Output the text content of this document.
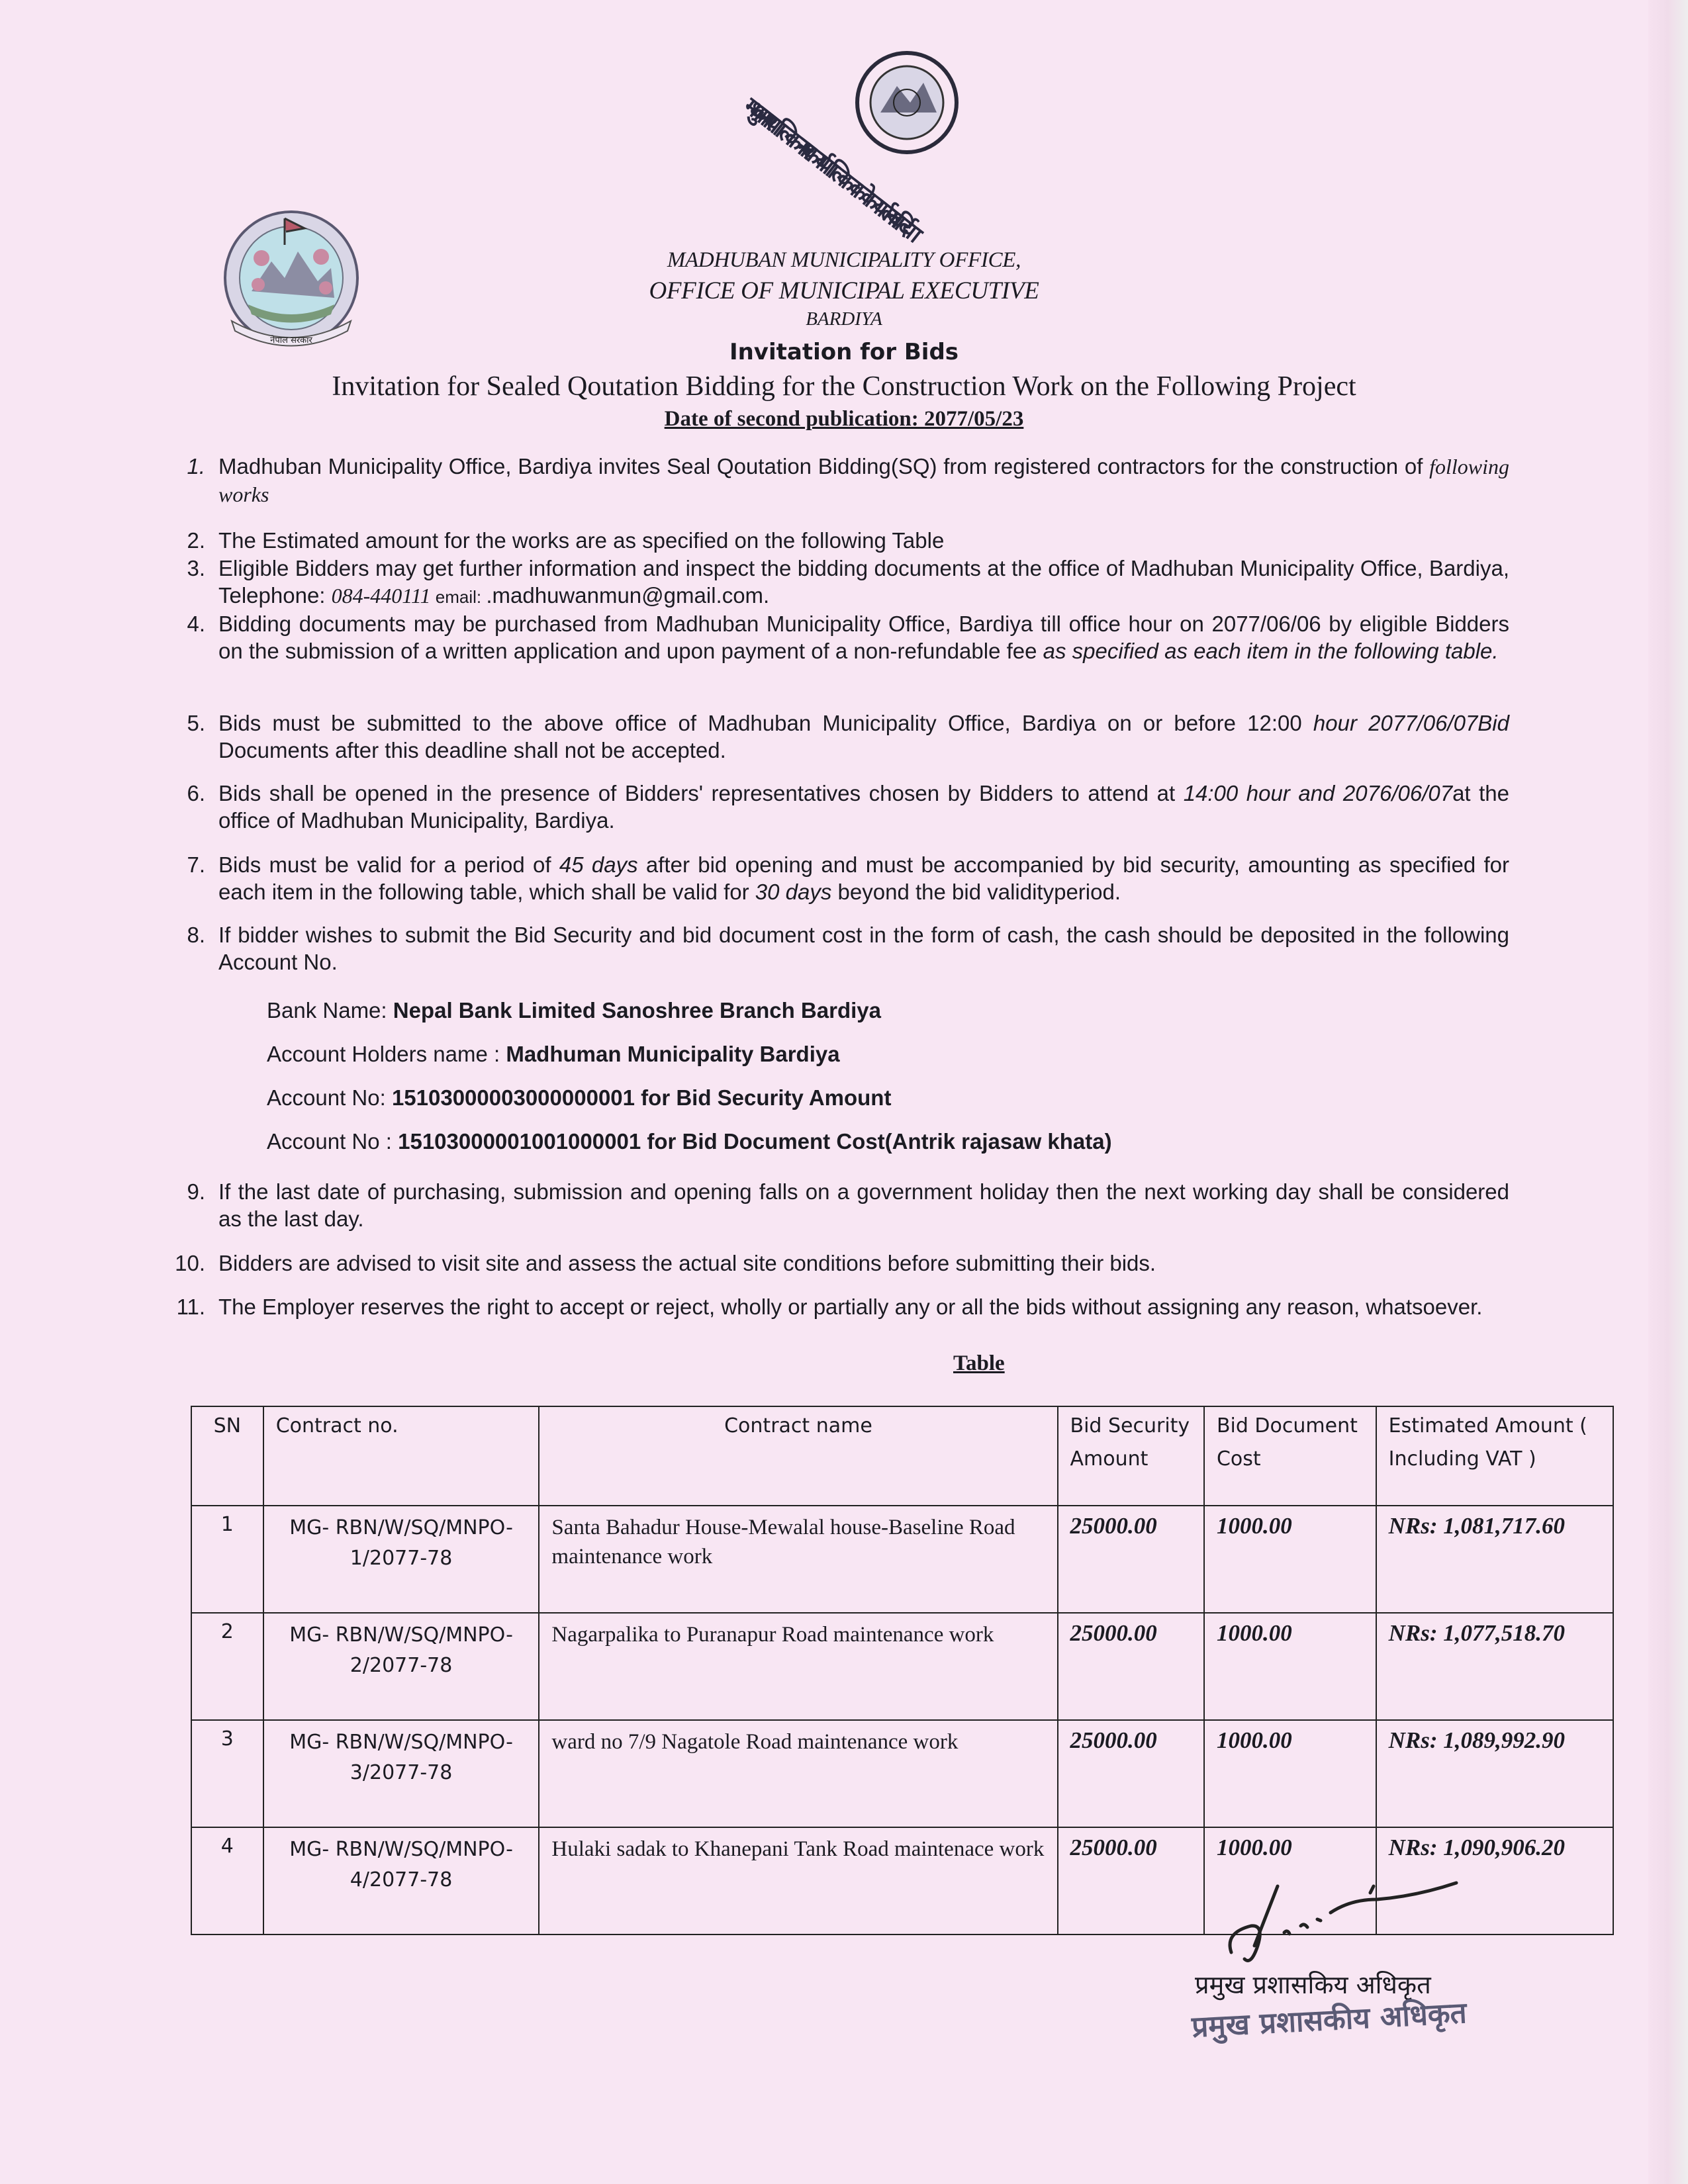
नेपाल सरकार
मधुवन नगरपालिका नगर कार्यपालिकाको कार्यालय बर्दिया
MADHUBAN MUNICIPALITY OFFICE,
OFFICE OF MUNICIPAL EXECUTIVE
BARDIYA
Invitation for Bids
Invitation for Sealed Qoutation Bidding for the Construction Work on the Following Project
Date of second publication: 2077/05/23
1. Madhuban Municipality Office, Bardiya invites Seal Qoutation Bidding(SQ) from registered contractors for the construction of following works
2. The Estimated amount for the works are as specified on the following Table
3. Eligible Bidders may get further information and inspect the bidding documents at the office of Madhuban Municipality Office, Bardiya, Telephone: 084-440111 email: .madhuwanmun@gmail.com.
4. Bidding documents may be purchased from Madhuban Municipality Office, Bardiya till office hour on 2077/06/06 by eligible Bidders on the submission of a written application and upon payment of a non-refundable fee as specified as each item in the following table.
5. Bids must be submitted to the above office of Madhuban Municipality Office, Bardiya on or before 12:00 hour 2077/06/07Bid Documents after this deadline shall not be accepted.
6. Bids shall be opened in the presence of Bidders' representatives chosen by Bidders to attend at 14:00 hour and 2076/06/07at the office of Madhuban Municipality, Bardiya.
7. Bids must be valid for a period of 45 days after bid opening and must be accompanied by bid security, amounting as specified for each item in the following table, which shall be valid for 30 days beyond the bid validityperiod.
8. If bidder wishes to submit the Bid Security and bid document cost in the form of cash, the cash should be deposited in the following Account No.
Bank Name: Nepal Bank Limited Sanoshree Branch Bardiya
Account Holders name : Madhuman Municipality Bardiya
Account No: 15103000003000000001 for Bid Security Amount
Account No : 15103000001001000001 for Bid Document Cost(Antrik rajasaw khata)
9. If the last date of purchasing, submission and opening falls on a government holiday then the next working day shall be considered as the last day.
10. Bidders are advised to visit site and assess the actual site conditions before submitting their bids.
11. The Employer reserves the right to accept or reject, wholly or partially any or all the bids without assigning any reason, whatsoever.
Table
SN	Contract no.	Contract name	Bid Security Amount	Bid Document Cost	Estimated Amount ( Including VAT )
1	MG- RBN/W/SQ/MNPO-1/2077-78	Santa Bahadur House-Mewalal house-Baseline Road maintenance work	25000.00	1000.00	NRs: 1,081,717.60
2	MG- RBN/W/SQ/MNPO-2/2077-78	Nagarpalika to Puranapur Road maintenance work	25000.00	1000.00	NRs: 1,077,518.70
3	MG- RBN/W/SQ/MNPO-3/2077-78	ward no 7/9 Nagatole Road maintenance work	25000.00	1000.00	NRs: 1,089,992.90
4	MG- RBN/W/SQ/MNPO-4/2077-78	Hulaki sadak to Khanepani Tank Road maintenace work	25000.00	1000.00	NRs: 1,090,906.20
प्रमुख प्रशासकिय अधिकृत
प्रमुख प्रशासकीय अधिकृत
